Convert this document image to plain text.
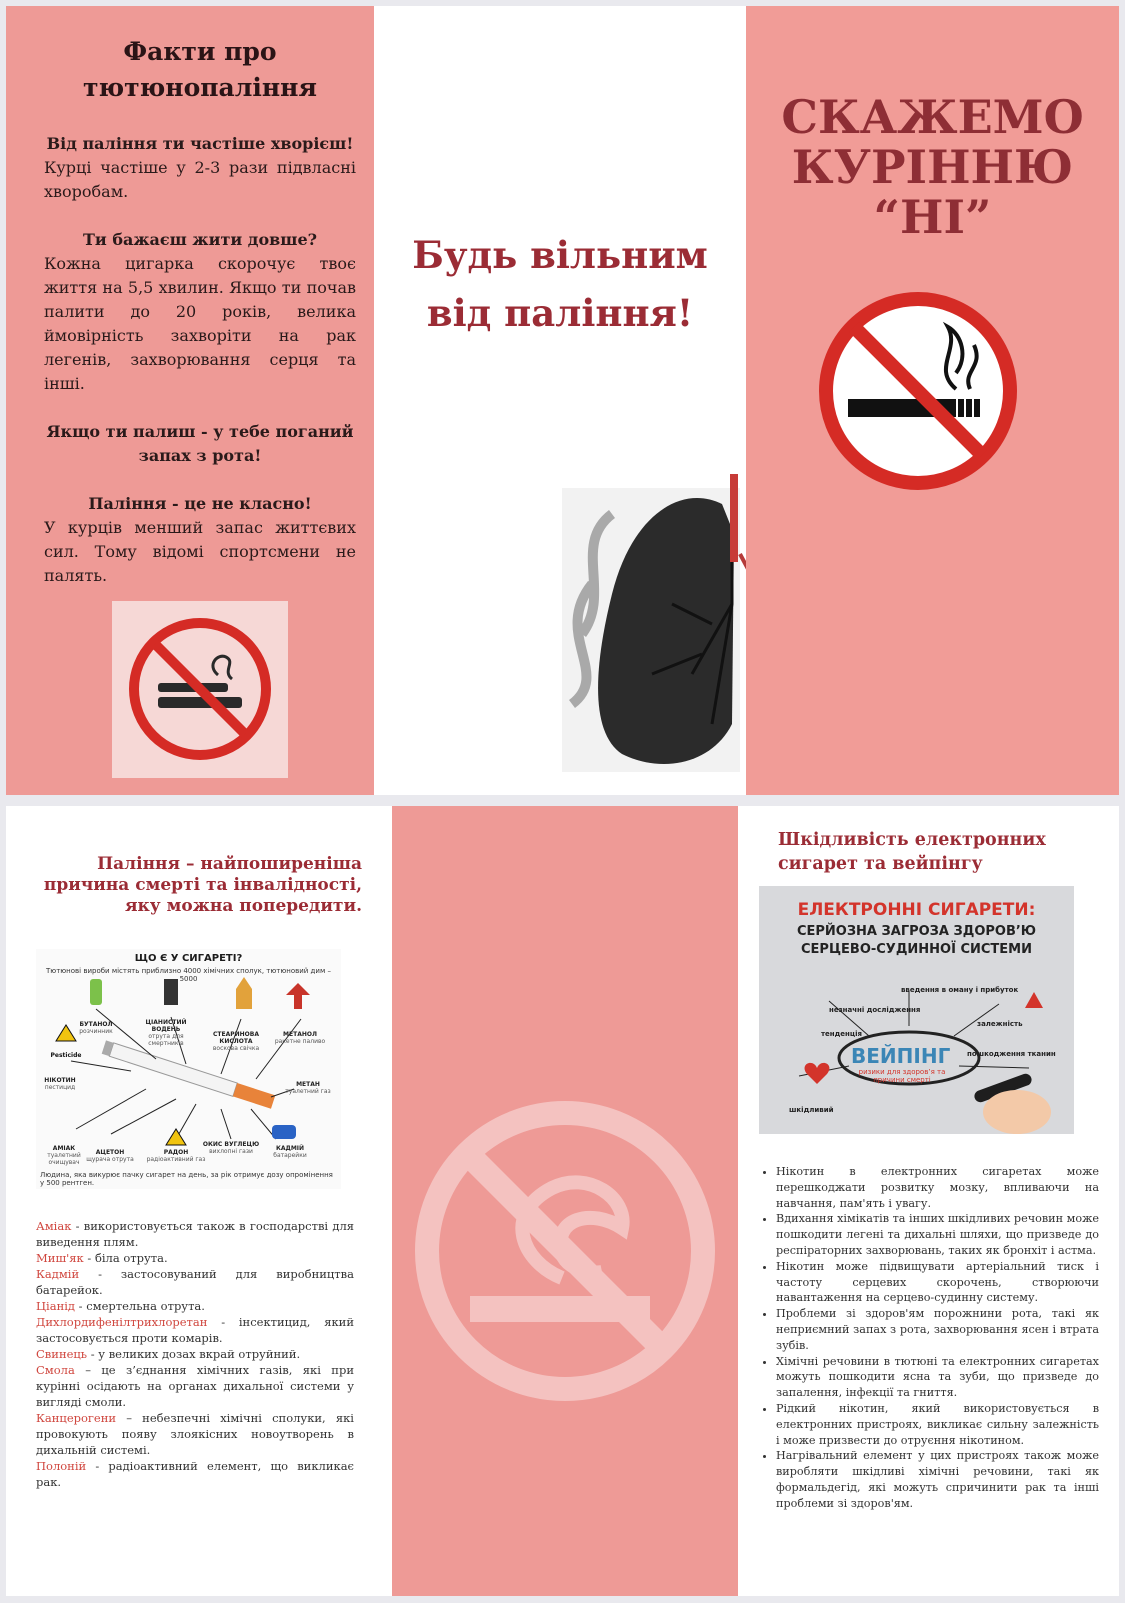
Факти про тютюнопаління
Від паління ти частіше хворієш!
Курці частіше у 2-3 рази підвласні хворобам.
Ти бажаєш жити довше?
Кожна цигарка скорочує твоє життя на 5,5 хвилин. Якщо ти почав палити до 20 років, велика ймовірність захворіти на рак легенів, захворювання серця та інші.
Якщо ти палиш - у тебе поганий запах з рота!
Паління - це не класно!
У курців менший запас життєвих сил. Тому відомі спортсмени не палять.
Будь вільним від паління!
СКАЖЕМО КУРІННЮ “НІ”
Паління – найпоширеніша причина смерті та інвалідності, яку можна попередити.
ЩО Є У СИГАРЕТІ?
Тютюнові вироби містять приблизно 4000 хімічних сполук, тютюновий дим – 5000
БУТАНОЛ
розчинник
ЦІАНИСТИЙ ВОДЕНЬ
отрута для смертників
СТЕАРИНОВА КИСЛОТА
воскова свічка
МЕТАНОЛ
ракетне паливо
НІКОТИН
пестицид	МЕТАН
туалетний газ
АМІАК
туалетний очищувач
АЦЕТОН
щурача отрута
РАДОН
радіоактивний газ
ОКИС ВУГЛЕЦЮ
вихлопні гази	КАДМІЙ
батарейки
Pesticide
Людина, яка викурює пачку сигарет на день, за рік отримує дозу опромінення у 500 рентген.

Аміак - використовується також в господарстві для виведення плям.

Миш'як - біла отрута.

Кадмій - застосовуваний для виробництва батарейок.

Ціанід - смертельна отрута.

Дихлордифенілтрихлоретан - інсектицид, який застосовується проти комарів.

Свинець - у великих дозах вкрай отруйний.

Смола – це з’єднання хімічних газів, які при курінні осідають на органах дихальної системи у вигляді смоли.

Канцерогени – небезпечні хімічні сполуки, які провокують появу злоякісних новоутворень в дихальній системі.

Полоній - радіоактивний елемент, що викликає рак.

Шкідливість електронних сигарет та вейпінгу
ЕЛЕКТРОННІ СИГАРЕТИ:
СЕРЙОЗНА ЗАГРОЗА ЗДОРОВ’Ю
СЕРЦЕВО-СУДИННОЇ СИСТЕМИ
ВЕЙПІНГ
ризики для здоров’я та причини смерті
введення в оману і прибуток
незначні дослідження
тенденція
залежність
пошкодження тканин
шкідливий
• Нікотин в електронних сигаретах може перешкоджати розвитку мозку, впливаючи на навчання, пам'ять і увагу.
• Вдихання хімікатів та інших шкідливих речовин може пошкодити легені та дихальні шляхи, що призведе до респіраторних захворювань, таких як бронхіт і астма.
• Нікотин може підвищувати артеріальний тиск і частоту серцевих скорочень, створюючи навантаження на серцево-судинну систему.
• Проблеми зі здоров'ям порожнини рота, такі як неприємний запах з рота, захворювання ясен і втрата зубів.
• Хімічні речовини в тютюні та електронних сигаретах можуть пошкодити ясна та зуби, що призведе до запалення, інфекції та гниття.
• Рідкий нікотин, який використовується в електронних пристроях, викликає сильну залежність і може призвести до отруєння нікотином.
• Нагрівальний елемент у цих пристроях також може виробляти шкідливі хімічні речовини, такі як формальдегід, які можуть спричинити рак та інші проблеми зі здоров'ям.
